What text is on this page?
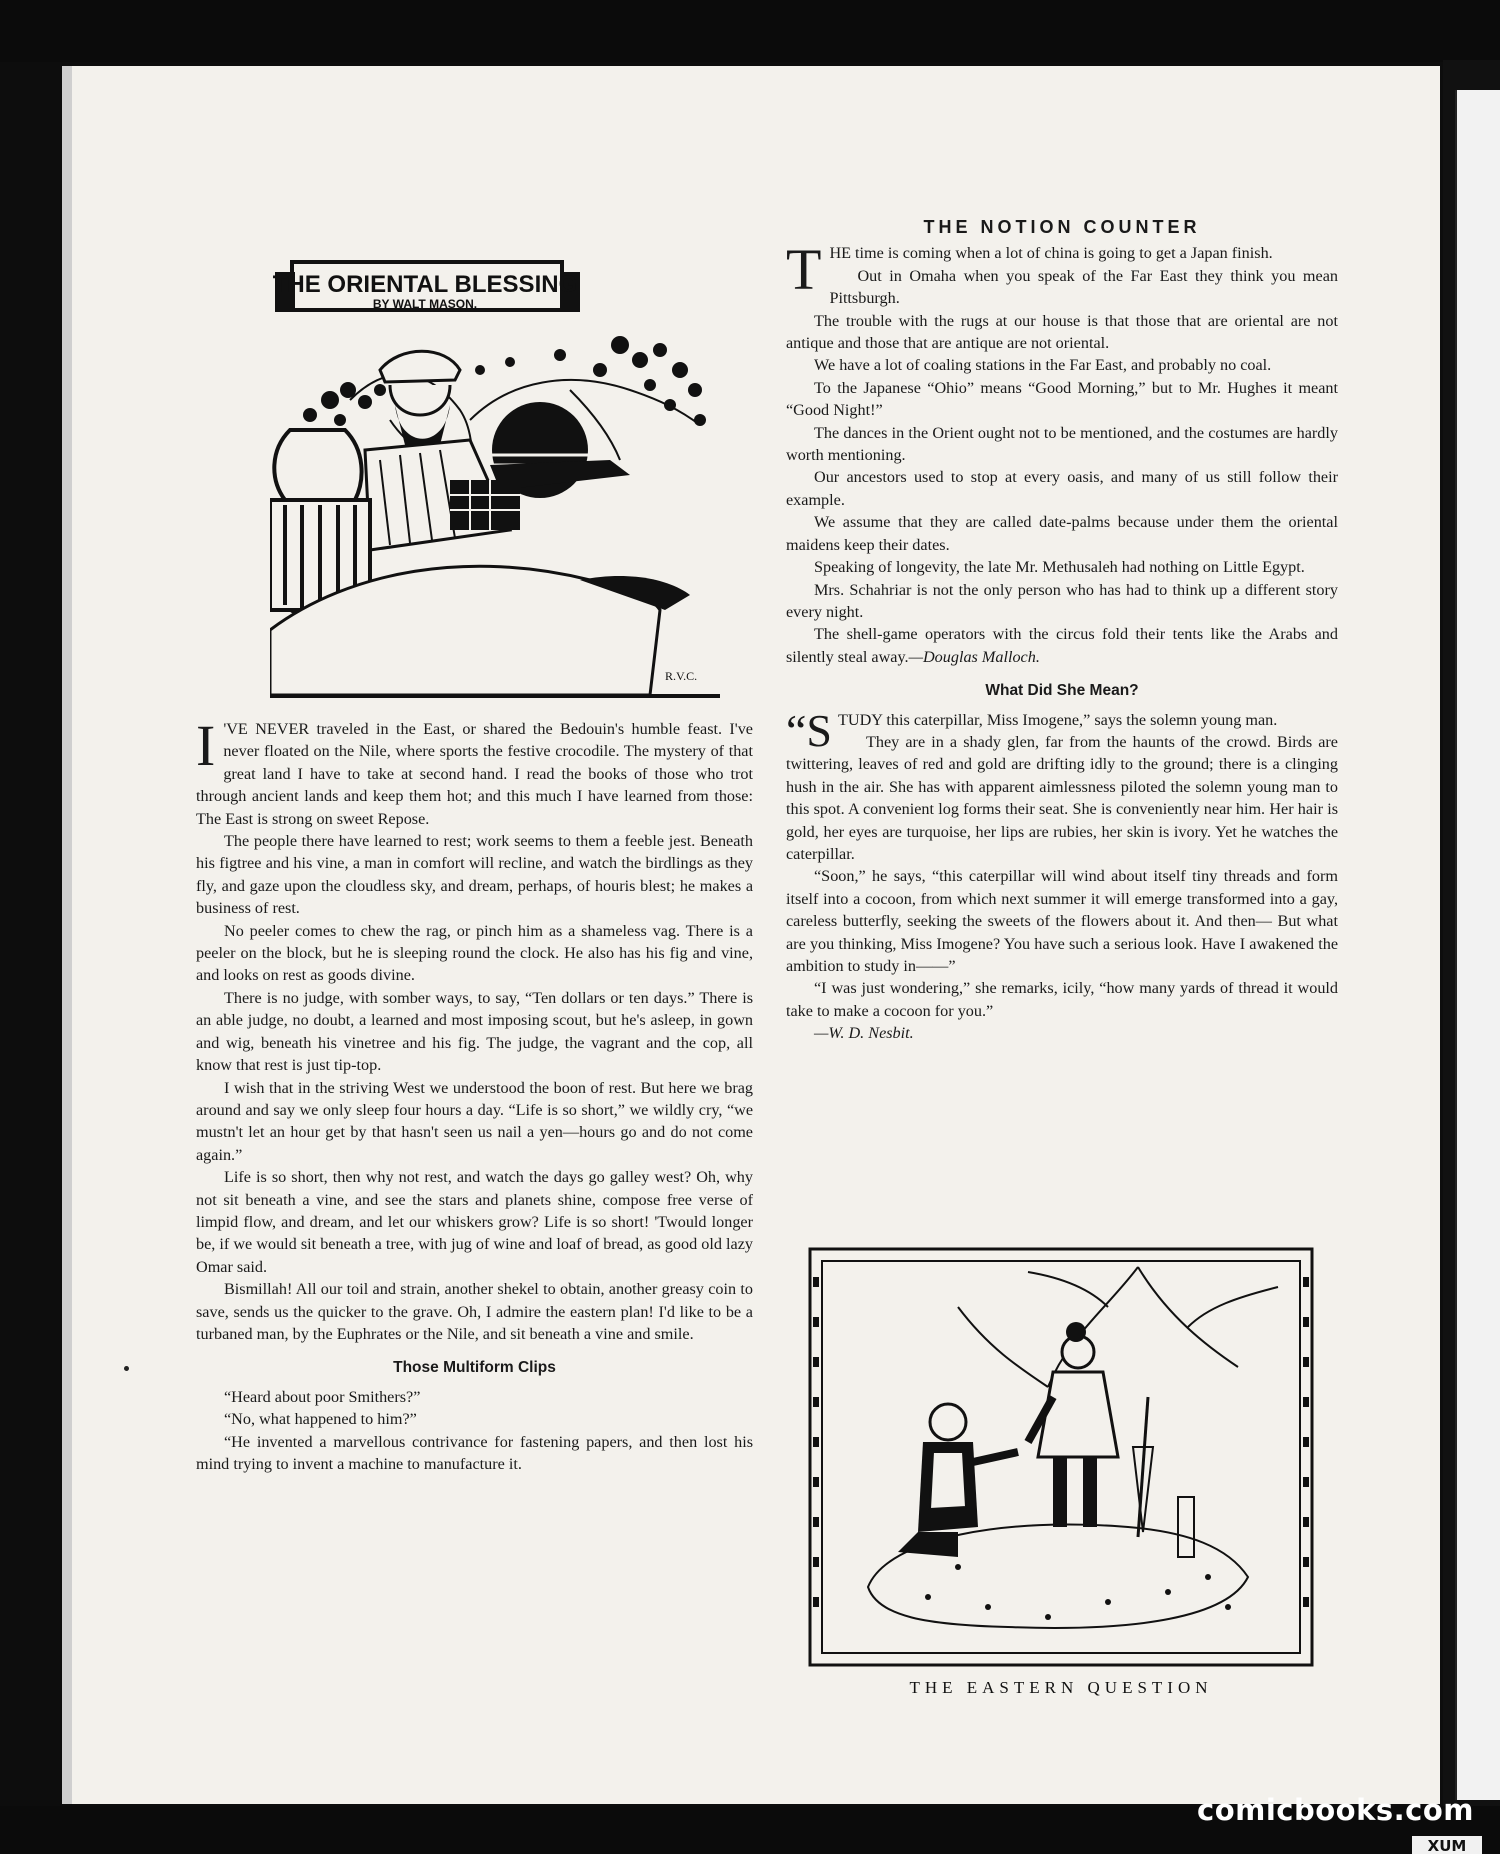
THE ORIENTAL BLESSING
BY WALT MASON.
R.V.C.

I 'VE NEVER traveled in the East, or shared the Bedouin's humble feast. I've never floated on the Nile, where sports the festive crocodile. The mystery of that great land I have to take at second hand. I read the books of those who trot through ancient lands and keep them hot; and this much I have learned from those: The East is strong on sweet Repose.

The people there have learned to rest; work seems to them a feeble jest. Beneath his figtree and his vine, a man in comfort will recline, and watch the birdlings as they fly, and gaze upon the cloudless sky, and dream, perhaps, of houris blest; he makes a business of rest.

No peeler comes to chew the rag, or pinch him as a shameless vag. There is a peeler on the block, but he is sleeping round the clock. He also has his fig and vine, and looks on rest as goods divine.

There is no judge, with somber ways, to say, “Ten dollars or ten days.” There is an able judge, no doubt, a learned and most imposing scout, but he's asleep, in gown and wig, beneath his vinetree and his fig. The judge, the vagrant and the cop, all know that rest is just tip-top.

I wish that in the striving West we understood the boon of rest. But here we brag around and say we only sleep four hours a day. “Life is so short,” we wildly cry, “we mustn't let an hour get by that hasn't seen us nail a yen—hours go and do not come again.”

Life is so short, then why not rest, and watch the days go galley west? Oh, why not sit beneath a vine, and see the stars and planets shine, compose free verse of limpid flow, and dream, and let our whiskers grow? Life is so short! 'Twould longer be, if we would sit beneath a tree, with jug of wine and loaf of bread, as good old lazy Omar said.

Bismillah! All our toil and strain, another shekel to obtain, another greasy coin to save, sends us the quicker to the grave. Oh, I admire the eastern plan! I'd like to be a turbaned man, by the Euphrates or the Nile, and sit beneath a vine and smile.

Those Multiform Clips

“Heard about poor Smithers?”

“No, what happened to him?”

“He invented a marvellous contrivance for fastening papers, and then lost his mind trying to invent a machine to manufacture it.

THE NOTION COUNTER

THE time is coming when a lot of china is going to get a Japan finish.

Out in Omaha when you speak of the Far East they think you mean Pittsburgh.

The trouble with the rugs at our house is that those that are oriental are not antique and those that are antique are not oriental.

We have a lot of coaling stations in the Far East, and probably no coal.

To the Japanese “Ohio” means “Good Morning,” but to Mr. Hughes it meant “Good Night!”

The dances in the Orient ought not to be mentioned, and the costumes are hardly worth mentioning.

Our ancestors used to stop at every oasis, and many of us still follow their example.

We assume that they are called date-palms because under them the oriental maidens keep their dates.

Speaking of longevity, the late Mr. Methusaleh had nothing on Little Egypt.

Mrs. Schahriar is not the only person who has had to think up a different story every night.

The shell-game operators with the circus fold their tents like the Arabs and silently steal away.—Douglas Malloch.

What Did She Mean?

“STUDY this caterpillar, Miss Imogene,” says the solemn young man.

They are in a shady glen, far from the haunts of the crowd. Birds are twittering, leaves of red and gold are drifting idly to the ground; there is a clinging hush in the air. She has with apparent aimlessness piloted the solemn young man to this spot. A convenient log forms their seat. She is conveniently near him. Her hair is gold, her eyes are turquoise, her lips are rubies, her skin is ivory. Yet he watches the caterpillar.

“Soon,” he says, “this caterpillar will wind about itself tiny threads and form itself into a cocoon, from which next summer it will emerge transformed into a gay, careless butterfly, seeking the sweets of the flowers about it. And then— But what are you thinking, Miss Imogene? You have such a serious look. Have I awakened the ambition to study in——”

“I was just wondering,” she remarks, icily, “how many yards of thread it would take to make a cocoon for you.”

—W. D. Nesbit.

THE EASTERN QUESTION
comicbooks.com
XUM
